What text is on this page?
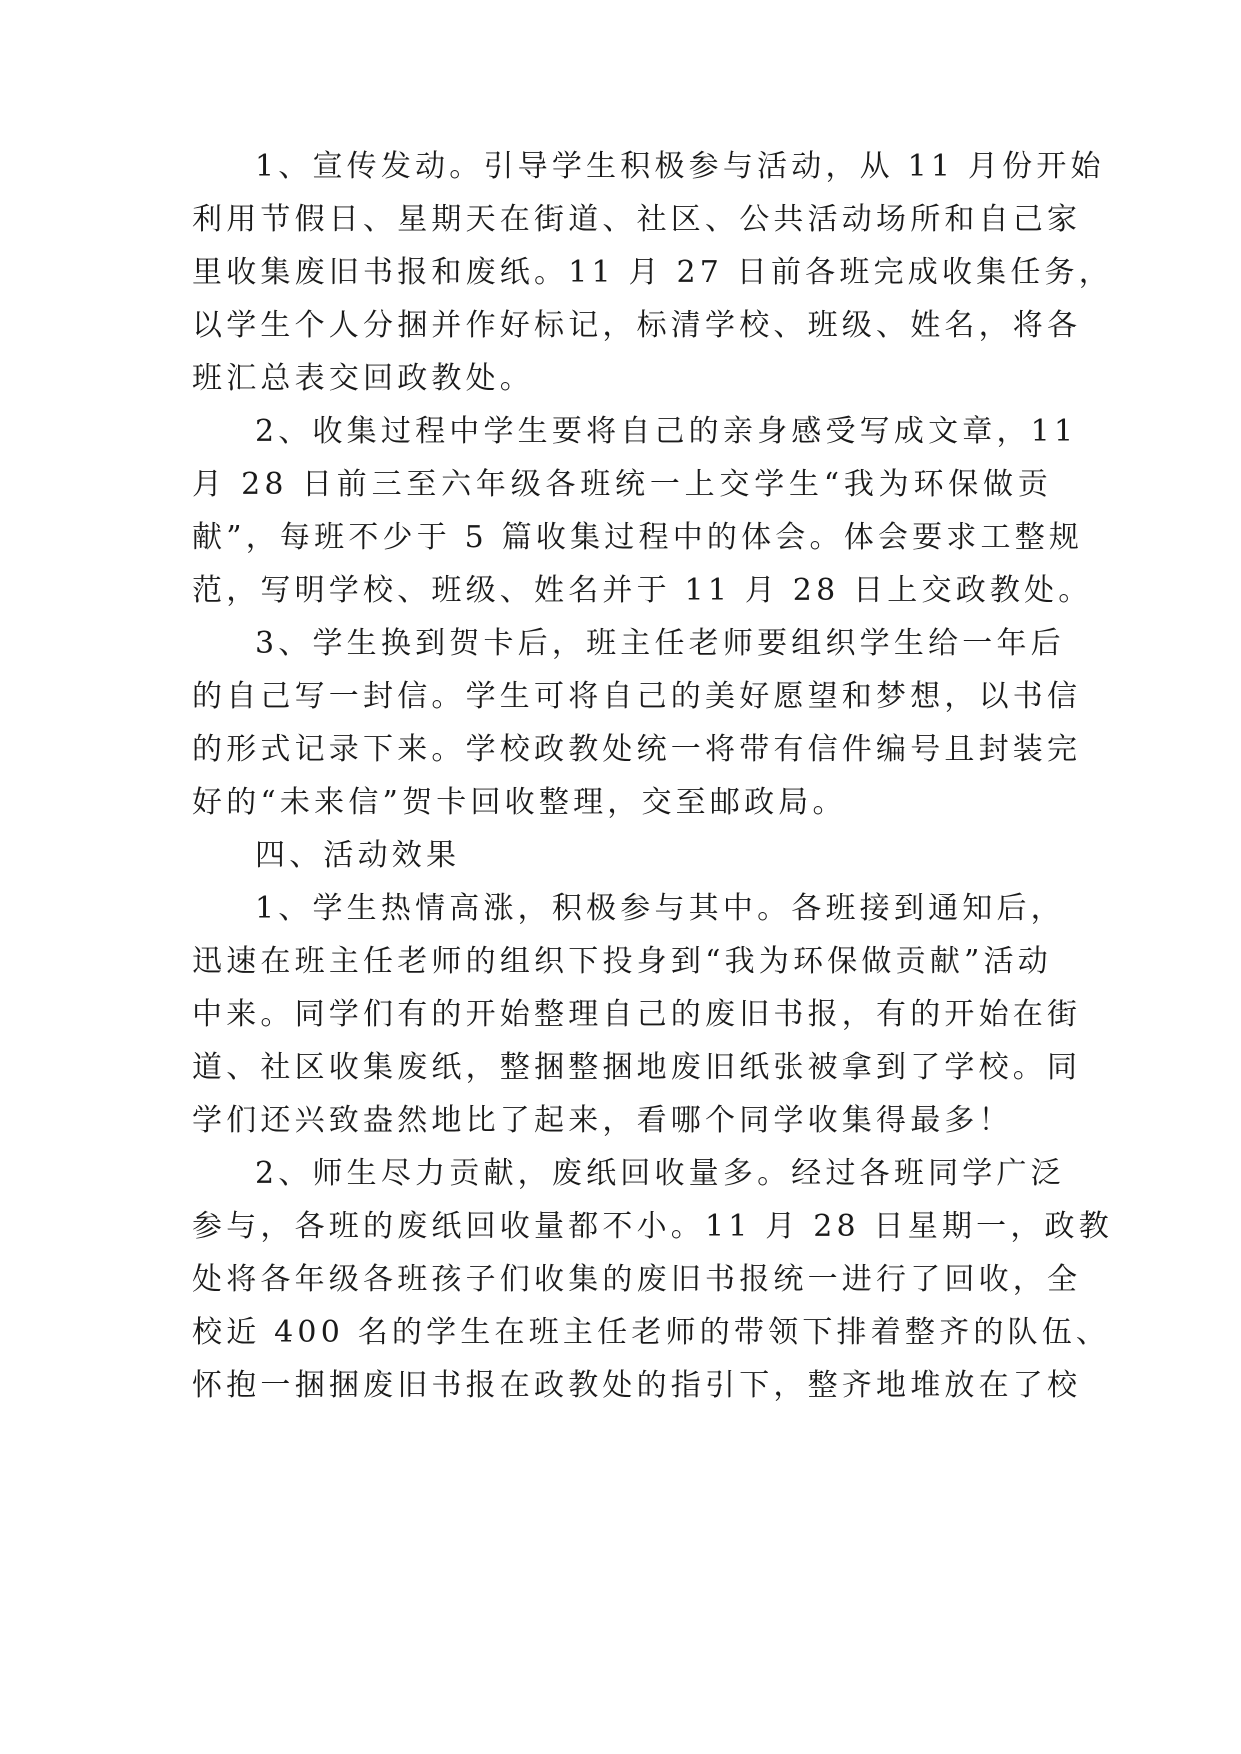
1、宣传发动。引导学生积极参与活动，从 11 月份开始
利用节假日、星期天在街道、社区、公共活动场所和自己家
里收集废旧书报和废纸。11 月 27 日前各班完成收集任务，
以学生个人分捆并作好标记，标清学校、班级、姓名，将各
班汇总表交回政教处。
2、收集过程中学生要将自己的亲身感受写成文章，11
月 28 日前三至六年级各班统一上交学生“我为环保做贡
献”，每班不少于 5 篇收集过程中的体会。体会要求工整规
范，写明学校、班级、姓名并于 11 月 28 日上交政教处。
3、学生换到贺卡后，班主任老师要组织学生给一年后
的自己写一封信。学生可将自己的美好愿望和梦想，以书信
的形式记录下来。学校政教处统一将带有信件编号且封装完
好的“未来信”贺卡回收整理，交至邮政局。
四、活动效果
1、学生热情高涨，积极参与其中。各班接到通知后，
迅速在班主任老师的组织下投身到“我为环保做贡献”活动
中来。同学们有的开始整理自己的废旧书报，有的开始在街
道、社区收集废纸，整捆整捆地废旧纸张被拿到了学校。同
学们还兴致盎然地比了起来，看哪个同学收集得最多！
2、师生尽力贡献，废纸回收量多。经过各班同学广泛
参与，各班的废纸回收量都不小。11 月 28 日星期一，政教
处将各年级各班孩子们收集的废旧书报统一进行了回收，全
校近 400 名的学生在班主任老师的带领下排着整齐的队伍、
怀抱一捆捆废旧书报在政教处的指引下，整齐地堆放在了校
